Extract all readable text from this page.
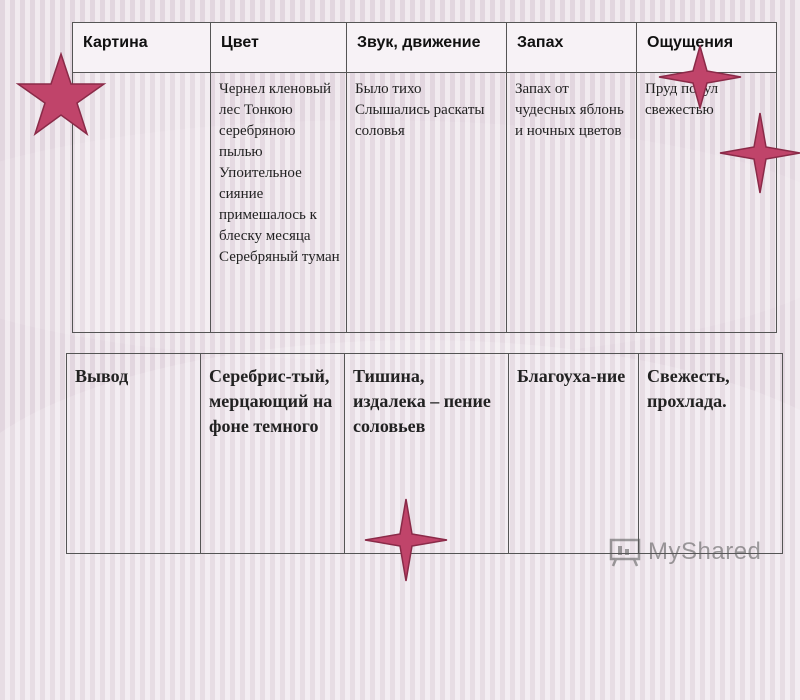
Картина	Цвет	Звук, движение	Запах	Ощущения
	Чернел кленовый лес Тонкою серебряною пылью Упоительное сияние примешалось к блеску месяца Серебряный туман	Было тихо Слышались раскаты соловья	Запах от чудесных яблонь и ночных цветов	Пруд подул свежестью
Вывод	Серебрис-тый, мерцающий на фоне темного	Тишина, издалека – пение соловьев	Благоуха-ние	Свежесть, прохлада.
MyShared
